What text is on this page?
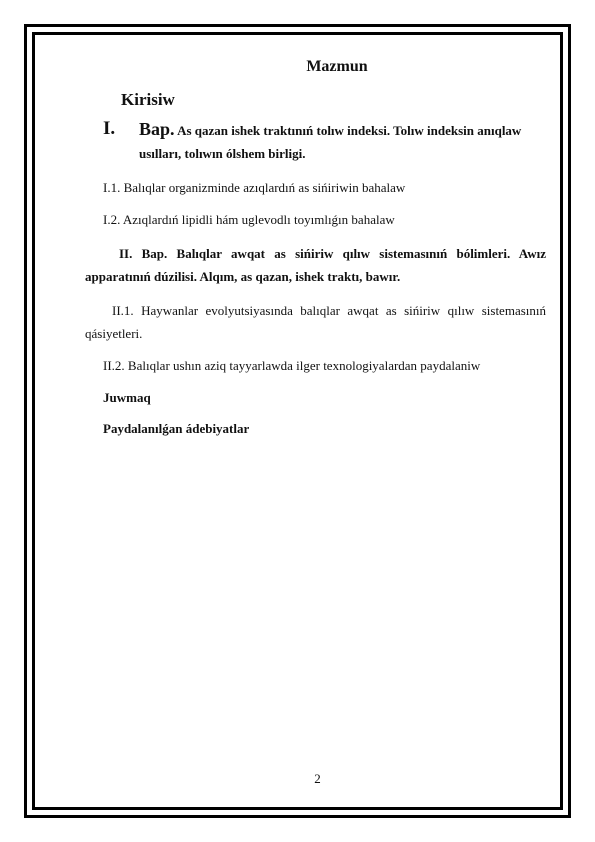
Mazmun
Kirisiw
I. Bap. As qazan ishek traktınıń tolıw indeksi. Tolıw indeksin anıqlaw
usılları, tolıwın ólshem birligi.
I.1. Balıqlar organizminde azıqlardıń as sińiriwin bahalaw
I.2. Azıqlardıń lipidli hám uglevodlı toyımlıǵın bahalaw
II. Bap. Balıqlar awqat as sińiriw qılıw sistemasınıń bólimleri. Awız apparatınıń dúzilisi. Alqım, as qazan, ishek traktı, bawır.
II.1. Haywanlar evolyutsiyasında balıqlar awqat as sińiriw qılıw sistemasınıń qásiyetleri.
II.2. Balıqlar ushın aziq tayyarlawda ilger texnologiyalardan paydalaniw
Juwmaq
Paydalanılǵan ádebiyatlar
2
